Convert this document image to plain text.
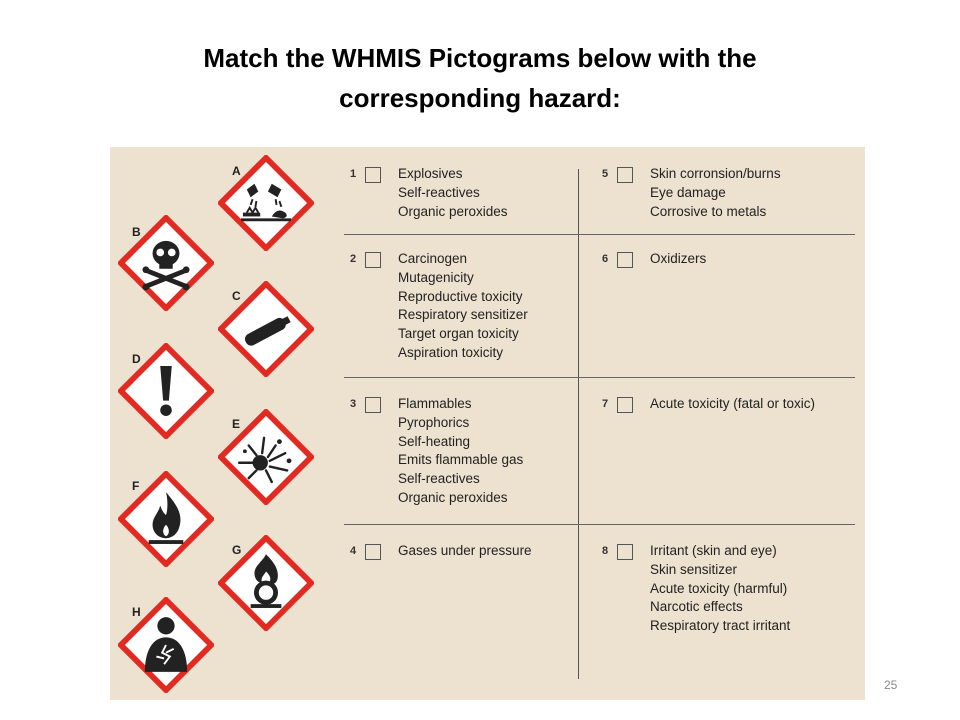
Match the WHMIS Pictograms below with the
corresponding hazard:
A
B
C
D
E
F
G
H
1	Explosives
Self-reactives
Organic peroxides
2	Carcinogen
Mutagenicity
Reproductive toxicity
Respiratory sensitizer
Target organ toxicity
Aspiration toxicity
3	Flammables
Pyrophorics
Self-heating
Emits flammable gas
Self-reactives
Organic peroxides
4	Gases under pressure
5	Skin corronsion/burns
Eye damage
Corrosive to metals
6	Oxidizers
7	Acute toxicity (fatal or toxic)
8	Irritant (skin and eye)
Skin sensitizer
Acute toxicity (harmful)
Narcotic effects
Respiratory tract irritant
25
